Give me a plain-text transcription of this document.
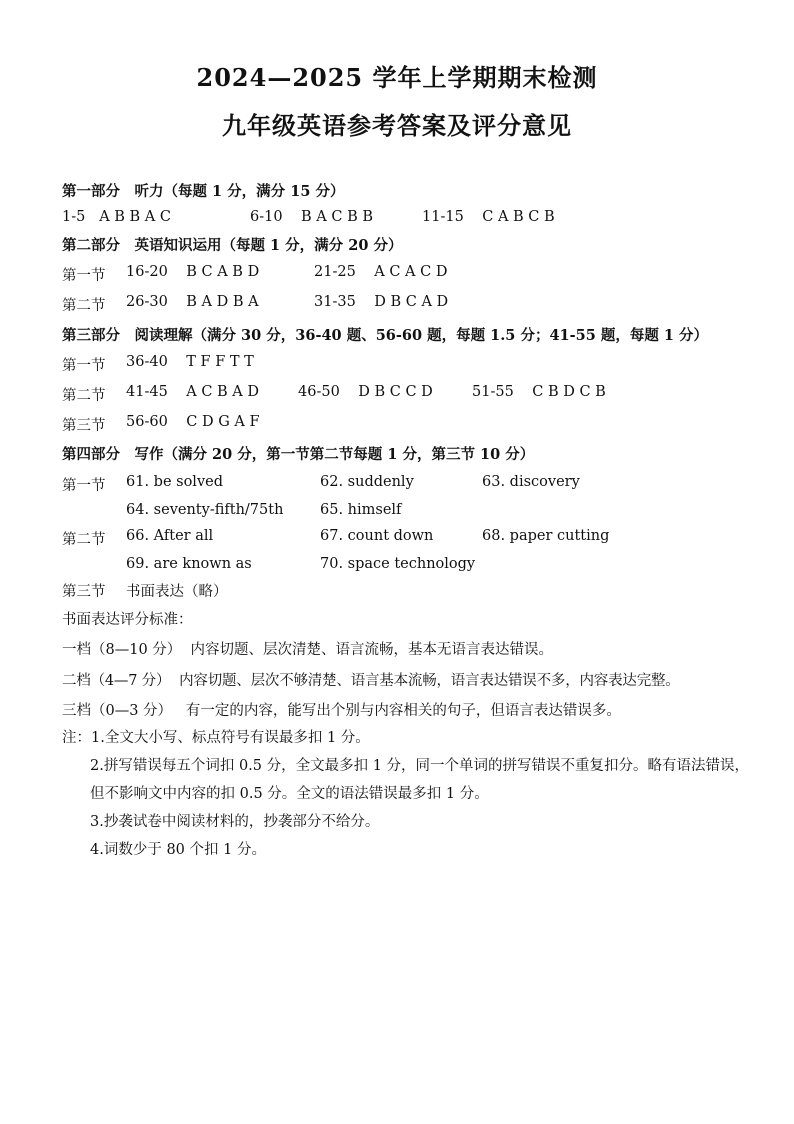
2024—2025 学年上学期期末检测
九年级英语参考答案及评分意见
第一部分　听力（每题 1 分，满分 15 分）
1-5 A B B A C	6-10 B A C B B	11-15 C A B C B
第二部分　英语知识运用（每题 1 分，满分 20 分）
第一节 16-20 B C A B D	21-25 A C A C D
第二节 26-30 B A D B A	31-35 D B C A D
第三部分　阅读理解（满分 30 分，36-40 题、56-60 题，每题 1.5 分；41-55 题，每题 1 分）
第一节 36-40 T F F T T
第二节 41-45 A C B A D	46-50 D B C C D	51-55 C B D C B
第三节 56-60 C D G A F
第四部分　写作（满分 20 分，第一节第二节每题 1 分，第三节 10 分）
第一节 61. be solved	62. suddenly	63. discovery
64. seventy-fifth/75th	65. himself
第二节 66. After all	67. count down	68. paper cutting
69. are known as	70. space technology
第三节 书面表达（略）
书面表达评分标准：
一档（8—10 分） 内容切题、层次清楚、语言流畅，基本无语言表达错误。
二档（4—7 分） 内容切题、层次不够清楚、语言基本流畅，语言表达错误不多，内容表达完整。
三档（0—3 分） 有一定的内容，能写出个别与内容相关的句子，但语言表达错误多。
注：1.全文大小写、标点符号有误最多扣 1 分。
2.拼写错误每五个词扣 0.5 分，全文最多扣 1 分，同一个单词的拼写错误不重复扣分。略有语法错误，但不影响文中内容的扣 0.5 分。全文的语法错误最多扣 1 分。
3.抄袭试卷中阅读材料的，抄袭部分不给分。
4.词数少于 80 个扣 1 分。
